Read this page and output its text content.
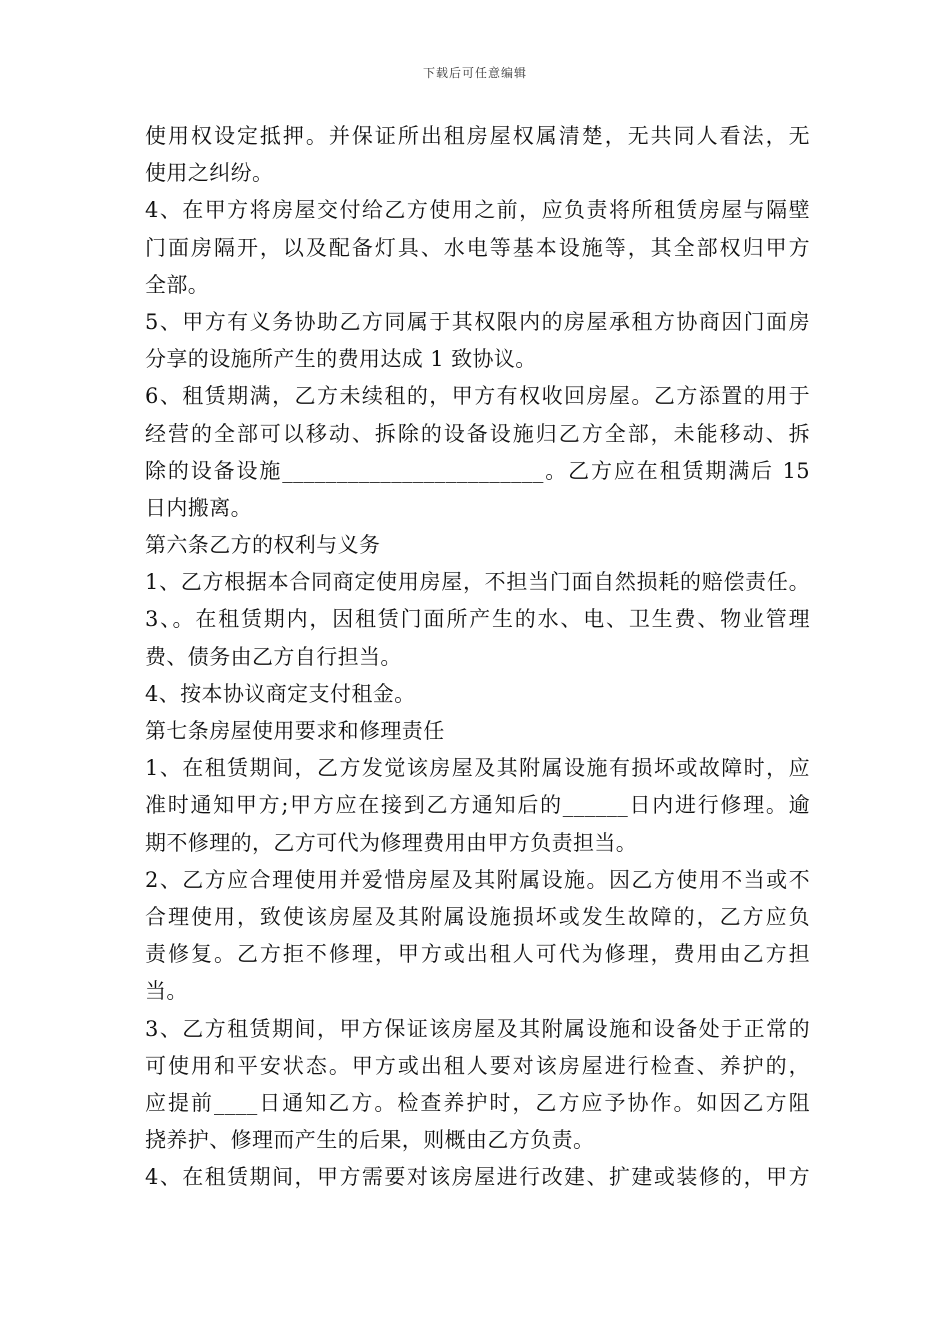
下载后可任意编辑
使用权设定抵押。并保证所出租房屋权属清楚，无共同人看法，无
使用之纠纷。
4、在甲方将房屋交付给乙方使用之前，应负责将所租赁房屋与隔壁
门面房隔开，以及配备灯具、水电等基本设施等，其全部权归甲方
全部。
5、甲方有义务协助乙方同属于其权限内的房屋承租方协商因门面房
分享的设施所产生的费用达成 1 致协议。
6、租赁期满，乙方未续租的，甲方有权收回房屋。乙方添置的用于
经营的全部可以移动、拆除的设备设施归乙方全部，未能移动、拆
除的设备设施________________________。乙方应在租赁期满后 15
日内搬离。
第六条乙方的权利与义务
1、乙方根据本合同商定使用房屋，不担当门面自然损耗的赔偿责任。
3、。在租赁期内，因租赁门面所产生的水、电、卫生费、物业管理
费、债务由乙方自行担当。
4、按本协议商定支付租金。
第七条房屋使用要求和修理责任
1、在租赁期间，乙方发觉该房屋及其附属设施有损坏或故障时，应
准时通知甲方;甲方应在接到乙方通知后的______日内进行修理。逾
期不修理的，乙方可代为修理费用由甲方负责担当。
2、乙方应合理使用并爱惜房屋及其附属设施。因乙方使用不当或不
合理使用，致使该房屋及其附属设施损坏或发生故障的，乙方应负
责修复。乙方拒不修理，甲方或出租人可代为修理，费用由乙方担
当。
3、乙方租赁期间，甲方保证该房屋及其附属设施和设备处于正常的
可使用和平安状态。甲方或出租人要对该房屋进行检查、养护的，
应提前____日通知乙方。检查养护时，乙方应予协作。如因乙方阻
挠养护、修理而产生的后果，则概由乙方负责。
4、在租赁期间，甲方需要对该房屋进行改建、扩建或装修的，甲方
